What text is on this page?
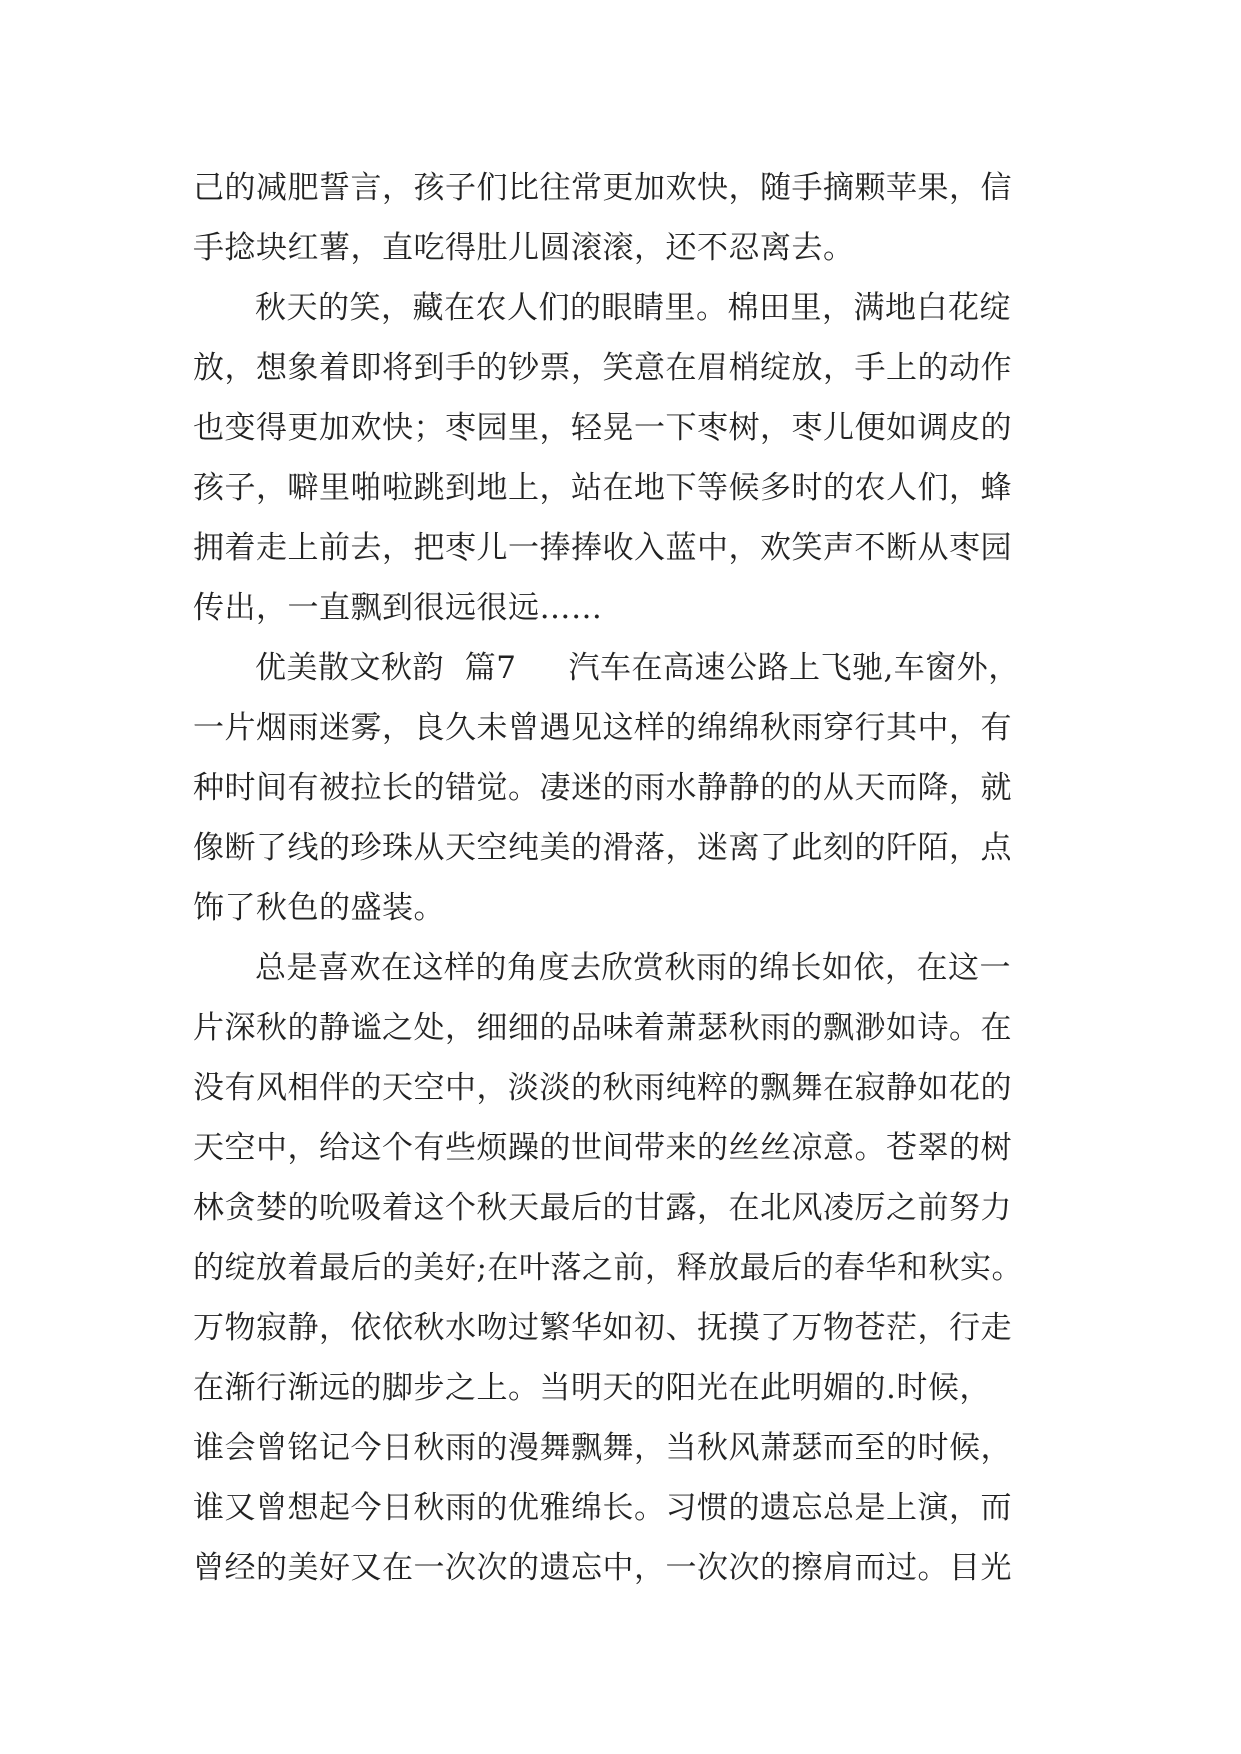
己的减肥誓言，孩子们比往常更加欢快，随手摘颗苹果，信
手捻块红薯，直吃得肚儿圆滚滚，还不忍离去。
秋天的笑，藏在农人们的眼睛里。棉田里，满地白花绽
放，想象着即将到手的钞票，笑意在眉梢绽放，手上的动作
也变得更加欢快；枣园里，轻晃一下枣树，枣儿便如调皮的
孩子，噼里啪啦跳到地上，站在地下等候多时的农人们，蜂
拥着走上前去，把枣儿一捧捧收入蓝中，欢笑声不断从枣园
传出，一直飘到很远很远……
优美散文秋韵 篇7 汽车在高速公路上飞驰,车窗外，
一片烟雨迷雾，良久未曾遇见这样的绵绵秋雨穿行其中，有
种时间有被拉长的错觉。凄迷的雨水静静的的从天而降，就
像断了线的珍珠从天空纯美的滑落，迷离了此刻的阡陌，点
饰了秋色的盛装。
总是喜欢在这样的角度去欣赏秋雨的绵长如依，在这一
片深秋的静谧之处，细细的品味着萧瑟秋雨的飘渺如诗。在
没有风相伴的天空中，淡淡的秋雨纯粹的飘舞在寂静如花的
天空中，给这个有些烦躁的世间带来的丝丝凉意。苍翠的树
林贪婪的吮吸着这个秋天最后的甘露，在北风凌厉之前努力
的绽放着最后的美好;在叶落之前，释放最后的春华和秋实。
万物寂静，依依秋水吻过繁华如初、抚摸了万物苍茫，行走
在渐行渐远的脚步之上。当明天的阳光在此明媚的.时候，
谁会曾铭记今日秋雨的漫舞飘舞，当秋风萧瑟而至的时候，
谁又曾想起今日秋雨的优雅绵长。习惯的遗忘总是上演，而
曾经的美好又在一次次的遗忘中，一次次的擦肩而过。目光
